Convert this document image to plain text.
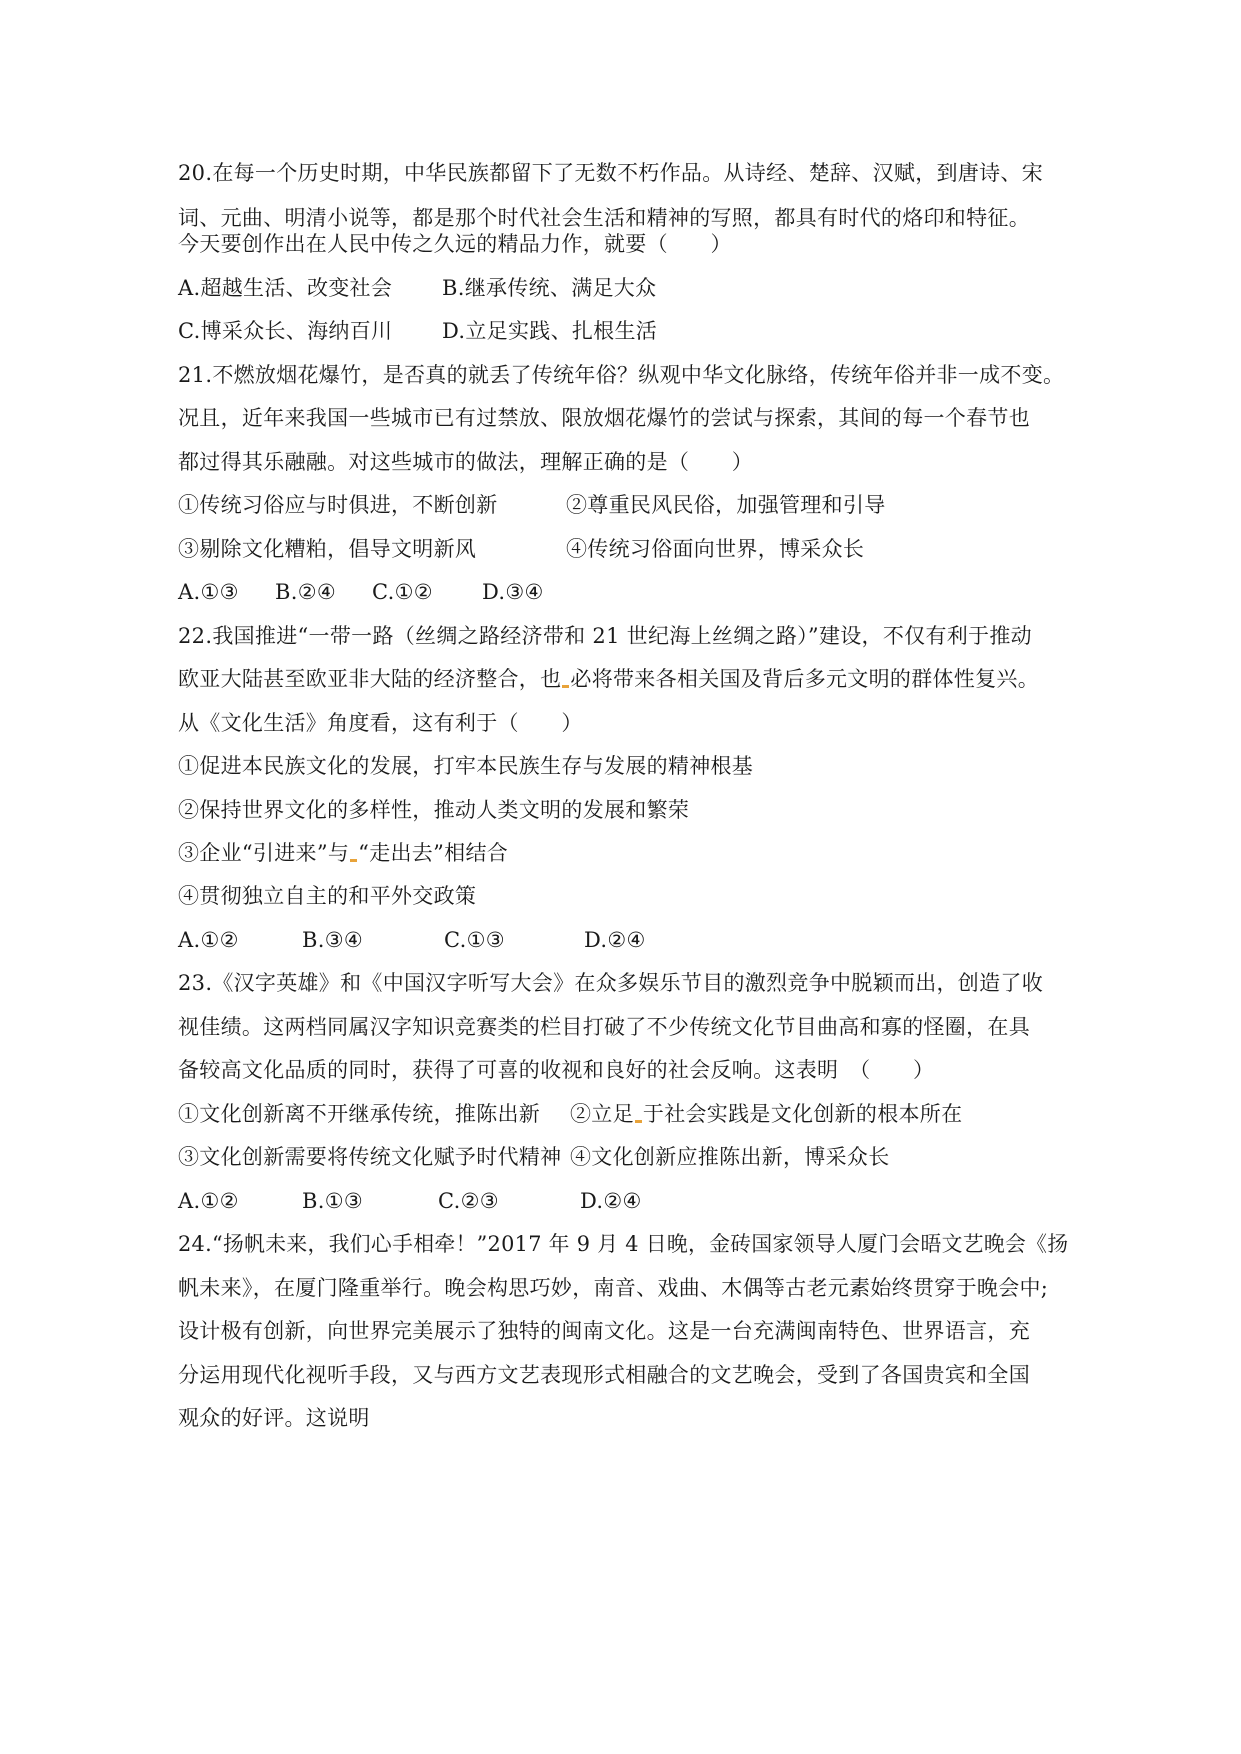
20.在每一个历史时期，中华民族都留下了无数不朽作品。从诗经、楚辞、汉赋，到唐诗、宋
词、元曲、明清小说等，都是那个时代社会生活和精神的写照，都具有时代的烙印和特征。
今天要创作出在人民中传之久远的精品力作，就要（　　）
A.超越生活、改变社会 B.继承传统、满足大众
C.博采众长、海纳百川 D.立足实践、扎根生活
21.不燃放烟花爆竹，是否真的就丢了传统年俗？纵观中华文化脉络，传统年俗并非一成不变。
况且，近年来我国一些城市已有过禁放、限放烟花爆竹的尝试与探索，其间的每一个春节也
都过得其乐融融。对这些城市的做法，理解正确的是（　　）
①传统习俗应与时俱进，不断创新	②尊重民风民俗，加强管理和引导
③剔除文化糟粕，倡导文明新风	④传统习俗面向世界，博采众长
A.①③ B.②④ C.①② D.③④
22.我国推进“一带一路（丝绸之路经济带和 21 世纪海上丝绸之路）”建设，不仅有利于推动
欧亚大陆甚至欧亚非大陆的经济整合，也 必将带来各相关国及背后多元文明的群体性复兴。
从《文化生活》角度看，这有利于（　　）
①促进本民族文化的发展，打牢本民族生存与发展的精神根基
②保持世界文化的多样性，推动人类文明的发展和繁荣
③企业“引进来”与 “走出去”相结合
④贯彻独立自主的和平外交政策
A.①②	B.③④	C.①③	D.②④
23.《汉字英雄》和《中国汉字听写大会》在众多娱乐节目的激烈竞争中脱颖而出，创造了收
视佳绩。这两档同属汉字知识竞赛类的栏目打破了不少传统文化节目曲高和寡的怪圈，在具
备较高文化品质的同时，获得了可喜的收视和良好的社会反响。这表明　（　　）
①文化创新离不开继承传统，推陈出新 ②立足 于社会实践是文化创新的根本所在
③文化创新需要将传统文化赋予时代精神 ④文化创新应推陈出新，博采众长
A.①②	B.①③	C.②③	D.②④
24.“扬帆未来，我们心手相牵！”2017 年 9 月 4 日晚，金砖国家领导人厦门会晤文艺晚会《扬
帆未来》，在厦门隆重举行。晚会构思巧妙，南音、戏曲、木偶等古老元素始终贯穿于晚会中;
设计极有创新，向世界完美展示了独特的闽南文化。这是一台充满闽南特色、世界语言，充
分运用现代化视听手段，又与西方文艺表现形式相融合的文艺晚会，受到了各国贵宾和全国
观众的好评。这说明
